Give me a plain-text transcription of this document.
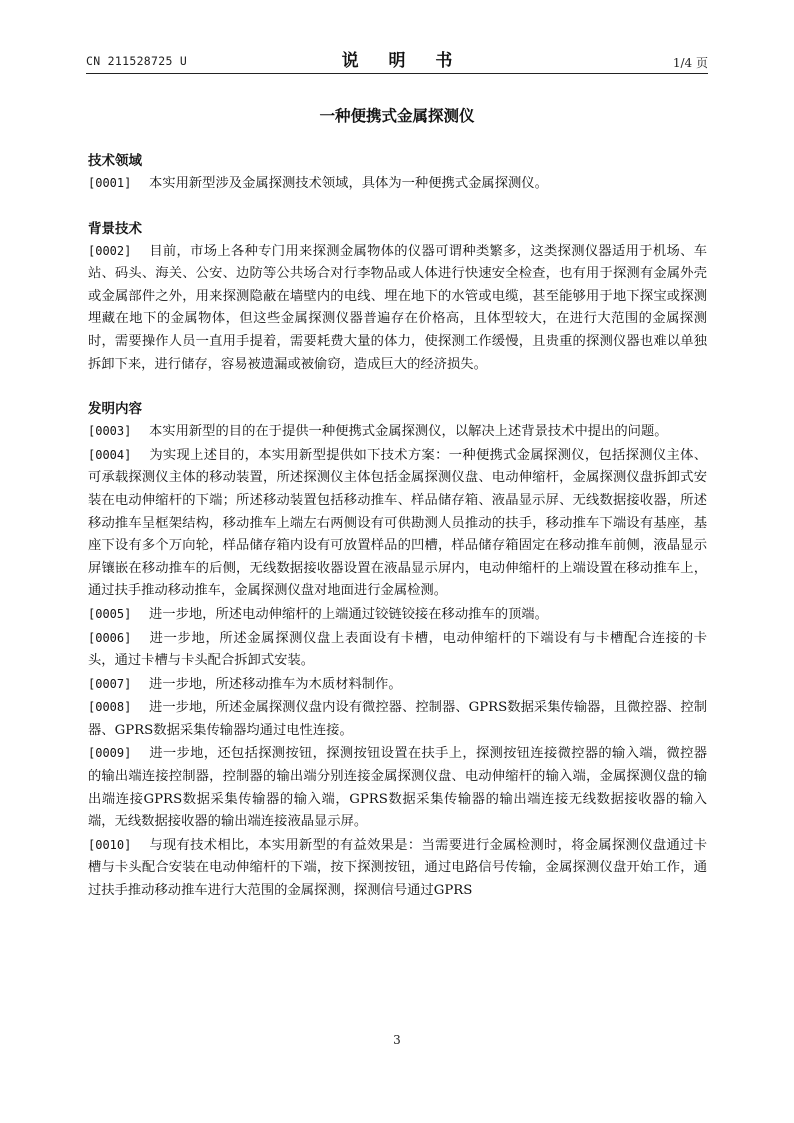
CN 211528725 U	说 明 书	1/4 页
一种便携式金属探测仪
技术领域

[0001] 本实用新型涉及金属探测技术领域，具体为一种便携式金属探测仪。

背景技术

[0002] 目前，市场上各种专门用来探测金属物体的仪器可谓种类繁多，这类探测仪器适用于机场、车站、码头、海关、公安、边防等公共场合对行李物品或人体进行快速安全检查，也有用于探测有金属外壳或金属部件之外，用来探测隐蔽在墙壁内的电线、埋在地下的水管或电缆，甚至能够用于地下探宝或探测埋藏在地下的金属物体，但这些金属探测仪器普遍存在价格高，且体型较大，在进行大范围的金属探测时，需要操作人员一直用手提着，需要耗费大量的体力，使探测工作缓慢，且贵重的探测仪器也难以单独拆卸下来，进行储存，容易被遗漏或被偷窃，造成巨大的经济损失。

发明内容

[0003] 本实用新型的目的在于提供一种便携式金属探测仪，以解决上述背景技术中提出的问题。

[0004] 为实现上述目的，本实用新型提供如下技术方案：一种便携式金属探测仪，包括探测仪主体、可承载探测仪主体的移动装置，所述探测仪主体包括金属探测仪盘、电动伸缩杆，金属探测仪盘拆卸式安装在电动伸缩杆的下端；所述移动装置包括移动推车、样品储存箱、液晶显示屏、无线数据接收器，所述移动推车呈框架结构，移动推车上端左右两侧设有可供勘测人员推动的扶手，移动推车下端设有基座，基座下设有多个万向轮，样品储存箱内设有可放置样品的凹槽，样品储存箱固定在移动推车前侧，液晶显示屏镶嵌在移动推车的后侧，无线数据接收器设置在液晶显示屏内，电动伸缩杆的上端设置在移动推车上，通过扶手推动移动推车，金属探测仪盘对地面进行金属检测。

[0005] 进一步地，所述电动伸缩杆的上端通过铰链铰接在移动推车的顶端。

[0006] 进一步地，所述金属探测仪盘上表面设有卡槽，电动伸缩杆的下端设有与卡槽配合连接的卡头，通过卡槽与卡头配合拆卸式安装。

[0007] 进一步地，所述移动推车为木质材料制作。

[0008] 进一步地，所述金属探测仪盘内设有微控器、控制器、GPRS数据采集传输器，且微控器、控制器、GPRS数据采集传输器均通过电性连接。

[0009] 进一步地，还包括探测按钮，探测按钮设置在扶手上，探测按钮连接微控器的输入端，微控器的输出端连接控制器，控制器的输出端分别连接金属探测仪盘、电动伸缩杆的输入端，金属探测仪盘的输出端连接GPRS数据采集传输器的输入端，GPRS数据采集传输器的输出端连接无线数据接收器的输入端，无线数据接收器的输出端连接液晶显示屏。

[0010] 与现有技术相比，本实用新型的有益效果是：当需要进行金属检测时，将金属探测仪盘通过卡槽与卡头配合安装在电动伸缩杆的下端，按下探测按钮，通过电路信号传输，金属探测仪盘开始工作，通过扶手推动移动推车进行大范围的金属探测，探测信号通过GPRS

3
